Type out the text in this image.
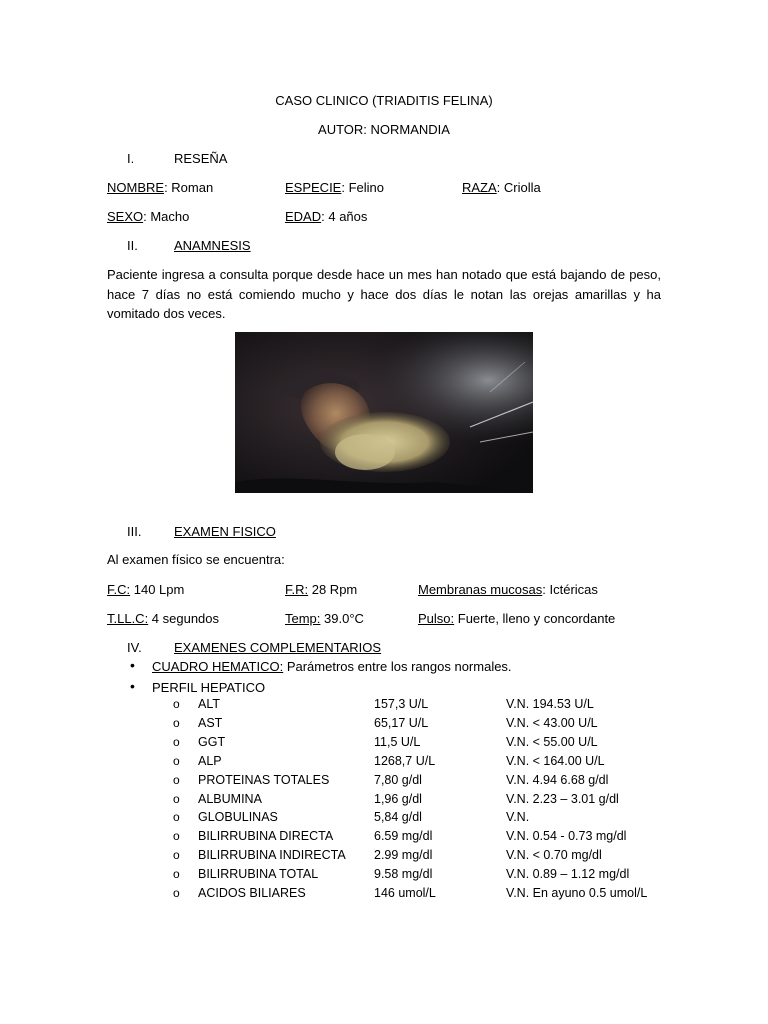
CASO CLINICO (TRIADITIS FELINA)
AUTOR: NORMANDIA
I.	RESEÑA
NOMBRE: Roman	ESPECIE: Felino	RAZA: Criolla
SEXO: Macho	EDAD: 4 años
II.	ANAMNESIS
Paciente ingresa a consulta porque desde hace un mes han notado que está bajando de peso, hace 7 días no está comiendo mucho y hace dos días le notan las orejas amarillas y ha vomitado dos veces.
III.	EXAMEN FISICO
Al examen físico se encuentra:
F.C: 140 Lpm	F.R: 28 Rpm	Membranas mucosas: Ictéricas
T.LL.C: 4 segundos	Temp: 39.0°C	Pulso: Fuerte, lleno y concordante
IV. EXAMENES COMPLEMENTARIOS
• CUADRO HEMATICO: Parámetros entre los rangos normales.
• PERFIL HEPATICO
o ALT	157,3 U/L	V.N. 194.53 U/L
o AST	65,17 U/L	V.N. < 43.00 U/L
o GGT	11,5 U/L	V.N. < 55.00 U/L
o ALP	1268,7 U/L	V.N. < 164.00 U/L
o PROTEINAS TOTALES	7,80 g/dl	V.N. 4.94 6.68 g/dl
o ALBUMINA	1,96 g/dl	V.N. 2.23 – 3.01 g/dl
o GLOBULINAS	5,84 g/dl	V.N.
o BILIRRUBINA DIRECTA	6.59 mg/dl	V.N. 0.54 - 0.73 mg/dl
o BILIRRUBINA INDIRECTA 2.99 mg/dl	V.N. < 0.70 mg/dl
o BILIRRUBINA TOTAL	9.58 mg/dl	V.N. 0.89 – 1.12 mg/dl
o ACIDOS BILIARES	146 umol/L	V.N. En ayuno 0.5 umol/L
